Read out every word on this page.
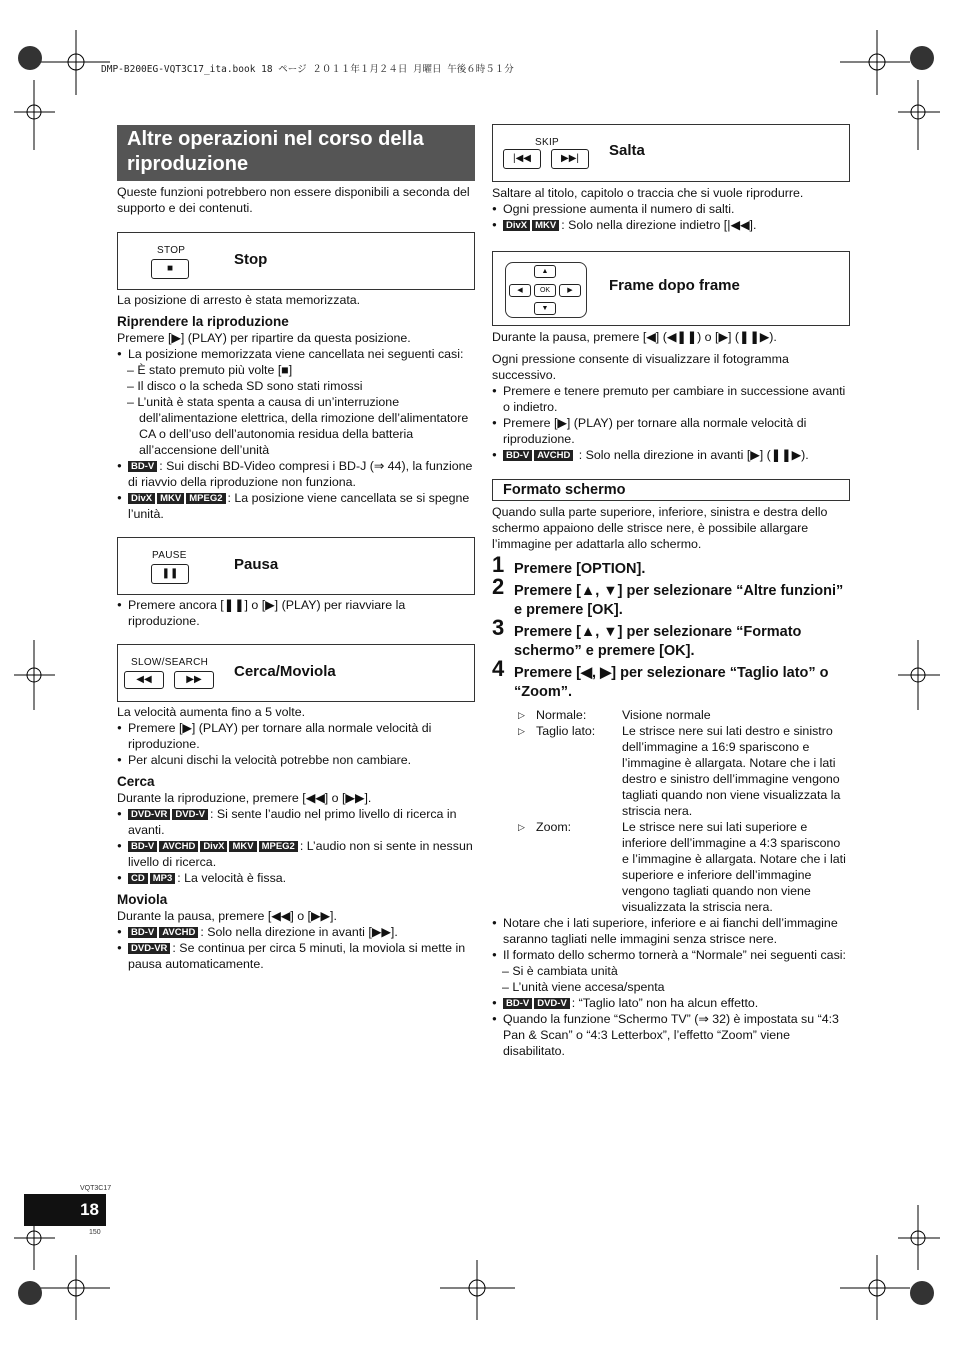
DMP-B200EG-VQT3C17_ita.book 18 ページ ２０１１年１月２４日 月曜日 午後６時５１分
Altre operazioni nel corso della riproduzione

Queste funzioni potrebbero non essere disponibili a seconda del supporto e dei contenuti.

STOP
■
Stop

La posizione di arresto è stata memorizzata.

Riprendere la riproduzione

Premere [▶] (PLAY) per ripartire da questa posizione.

● La posizione memorizzata viene cancellata nei seguenti casi:

– È stato premuto più volte [■]

– Il disco o la scheda SD sono stati rimossi

– L’unità è stata spenta a causa di un’interruzione dell’alimentazione elettrica, della rimozione dell’alimentatore CA o dell’uso dell’autonomia residua della batteria all’accensione dell’unità

● BD-V : Sui dischi BD-Video compresi i BD-J (⇒ 44), la funzione di riavvio della riproduzione non funziona.

● DivX MKV MPEG2 : La posizione viene cancellata se si spegne l’unità.

PAUSE
❚❚
Pausa

● Premere ancora [❚❚] o [▶] (PLAY) per riavviare la riproduzione.

SLOW/SEARCH
◀◀	▶▶ Cerca/Moviola

La velocità aumenta fino a 5 volte.

● Premere [▶] (PLAY) per tornare alla normale velocità di riproduzione.

● Per alcuni dischi la velocità potrebbe non cambiare.

Cerca

Durante la riproduzione, premere [◀◀] o [▶▶].

● DVD-VR DVD-V : Si sente l’audio nel primo livello di ricerca in avanti.

● BD-V AVCHD DivX MKV MPEG2 : L’audio non si sente in nessun livello di ricerca.

● CD MP3 : La velocità è fissa.

Moviola

Durante la pausa, premere [◀◀] o [▶▶].

● BD-V AVCHD : Solo nella direzione in avanti [▶▶].

● DVD-VR : Se continua per circa 5 minuti, la moviola si mette in pausa automaticamente.

SKIP
|◀◀	▶▶| Salta

Saltare al titolo, capitolo o traccia che si vuole riprodurre.

● Ogni pressione aumenta il numero di salti.

● DivX MKV : Solo nella direzione indietro [|◀◀].

▲
◀	OK	▶
▼
Frame dopo frame

Durante la pausa, premere [◀] (◀❚❚) o [▶] (❚❚▶).

Ogni pressione consente di visualizzare il fotogramma successivo.

● Premere e tenere premuto per cambiare in successione avanti o indietro.

● Premere [▶] (PLAY) per tornare alla normale velocità di riproduzione.

● BD-V AVCHD : Solo nella direzione in avanti [▶] (❚❚▶).

Formato schermo

Quando sulla parte superiore, inferiore, sinistra e destra dello schermo appaiono delle strisce nere, è possibile allargare l’immagine per adattarla allo schermo.

1 Premere [OPTION].
2 Premere [▲, ▼] per selezionare “Altre funzioni” e premere [OK].
3 Premere [▲, ▼] per selezionare “Formato schermo” e premere [OK].
4 Premere [◀, ▶] per selezionare “Taglio lato” o “Zoom”.

▷ Normale:	Visione normale

▷ Taglio lato: Le strisce nere sui lati destro e sinistro dell’immagine a 16:9 spariscono e l’immagine è allargata. Notare che i lati destro e sinistro dell’immagine vengono tagliati quando non viene visualizzata la striscia nera.

▷ Zoom:	Le strisce nere sui lati superiore e inferiore dell’immagine a 4:3 spariscono e l’immagine è allargata. Notare che i lati superiore e inferiore dell’immagine vengono tagliati quando non viene visualizzata la striscia nera.

● Notare che i lati superiore, inferiore e ai fianchi dell’immagine saranno tagliati nelle immagini senza strisce nere.

● Il formato dello schermo tornerà a “Normale” nei seguenti casi:

– Si è cambiata unità

– L’unità viene accesa/spenta

● BD-V DVD-V : “Taglio lato” non ha alcun effetto.

● Quando la funzione “Schermo TV” (⇒ 32) è impostata su “4:3 Pan & Scan” o “4:3 Letterbox”, l’effetto “Zoom” viene disabilitato.

VQT3C17
18
150
